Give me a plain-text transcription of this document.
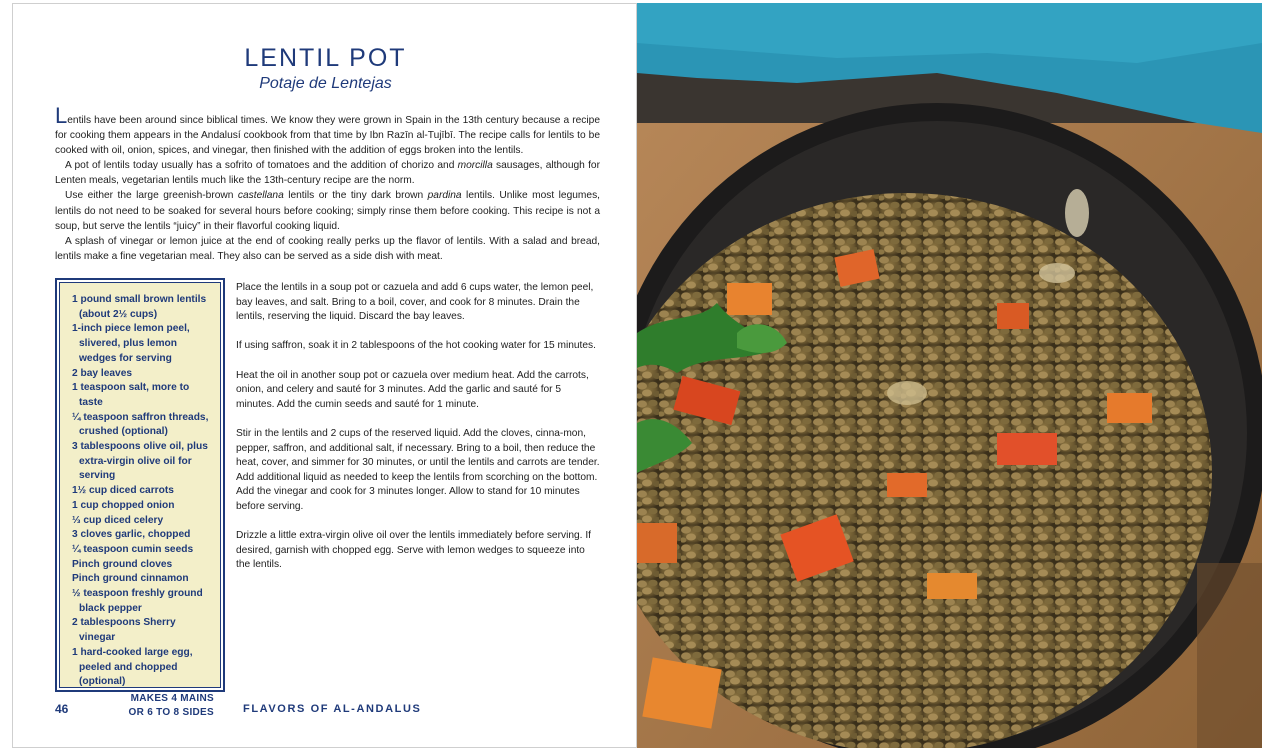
LENTIL POT
Potaje de Lentejas

Lentils have been around since biblical times. We know they were grown in Spain in the 13th century because a recipe for cooking them appears in the Andalusí cookbook from that time by Ibn Razīn al-Tujībī. The recipe calls for lentils to be cooked with oil, onion, spices, and vinegar, then finished with the addition of eggs broken into the lentils.

A pot of lentils today usually has a sofrito of tomatoes and the addition of chorizo and morcilla sausages, although for Lenten meals, vegetarian lentils much like the 13th-century recipe are the norm.

Use either the large greenish-brown castellana lentils or the tiny dark brown pardina lentils. Unlike most legumes, lentils do not need to be soaked for several hours before cooking; simply rinse them before cooking. This recipe is not a soup, but serve the lentils “juicy” in their flavorful cooking liquid.

A splash of vinegar or lemon juice at the end of cooking really perks up the flavor of lentils. With a salad and bread, lentils make a fine vegetarian meal. They also can be served as a side dish with meat.

1 pound small brown lentils (about 2½ cups)
1-inch piece lemon peel, slivered, plus lemon wedges for serving
2 bay leaves
1 teaspoon salt, more to taste
¼ teaspoon saffron threads, crushed (optional)
3 tablespoons olive oil, plus extra-virgin olive oil for serving
1½ cup diced carrots
1 cup chopped onion
⅓ cup diced celery
3 cloves garlic, chopped
¼ teaspoon cumin seeds
Pinch ground cloves
Pinch ground cinnamon
½ teaspoon freshly ground black pepper
2 tablespoons Sherry vinegar
1 hard-cooked large egg, peeled and chopped (optional)
MAKES 4 MAINS
OR 6 TO 8 SIDES

Place the lentils in a soup pot or cazuela and add 6 cups water, the lemon peel, bay leaves, and salt. Bring to a boil, cover, and cook for 8 minutes. Drain the lentils, reserving the liquid. Discard the bay leaves.

If using saffron, soak it in 2 tablespoons of the hot cooking water for 15 minutes.

Heat the oil in another soup pot or cazuela over medium heat. Add the carrots, onion, and celery and sauté for 3 minutes. Add the garlic and sauté for 5 minutes. Add the cumin seeds and sauté for 1 minute.

Stir in the lentils and 2 cups of the reserved liquid. Add the cloves, cinna-mon, pepper, saffron, and additional salt, if necessary. Bring to a boil, then reduce the heat, cover, and simmer for 30 minutes, or until the lentils and carrots are tender. Add additional liquid as needed to keep the lentils from scorching on the bottom. Add the vinegar and cook for 3 minutes longer. Allow to stand for 10 minutes before serving.

Drizzle a little extra-virgin olive oil over the lentils immediately before serving. If desired, garnish with chopped egg. Serve with lemon wedges to squeeze into the lentils.

46	FLAVORS OF AL-ANDALUS
